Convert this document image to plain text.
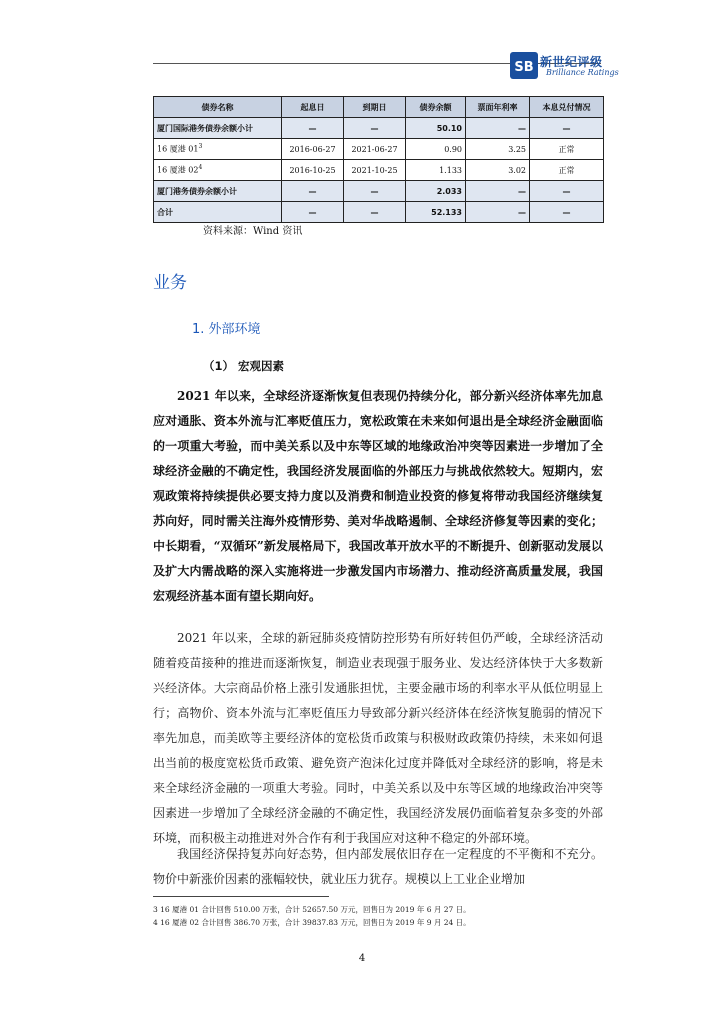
SB 新世纪评级
Brilliance Ratings
债券名称	起息日	到期日	债券余额	票面年利率	本息兑付情况
厦门国际港务债券余额小计	—	—	50.10	—	—
16 厦港 $01^3$	2016-06-27	2021-06-27	0.90	3.25	正常
16 厦港 $02^4$	2016-10-25	2021-10-25	1.133	3.02	正常
厦门港务债券余额小计	—	—	2.033	—	—
合计	—	—	52.133	—	—
资料来源：Wind 资讯
业务
1. 外部环境
（1） 宏观因素

2021 年以来，全球经济逐渐恢复但表现仍持续分化，部分新兴经济体率先加息应对通胀、资本外流与汇率贬值压力，宽松政策在未来如何退出是全球经济金融面临的一项重大考验，而中美关系以及中东等区域的地缘政治冲突等因素进一步增加了全球经济金融的不确定性，我国经济发展面临的外部压力与挑战依然较大。短期内，宏观政策将持续提供必要支持力度以及消费和制造业投资的修复将带动我国经济继续复苏向好，同时需关注海外疫情形势、美对华战略遏制、全球经济修复等因素的变化；中长期看，“双循环”新发展格局下，我国改革开放水平的不断提升、创新驱动发展以及扩大内需战略的深入实施将进一步激发国内市场潜力、推动经济高质量发展，我国宏观经济基本面有望长期向好。

2021 年以来，全球的新冠肺炎疫情防控形势有所好转但仍严峻，全球经济活动随着疫苗接种的推进而逐渐恢复，制造业表现强于服务业、发达经济体快于大多数新兴经济体。大宗商品价格上涨引发通胀担忧，主要金融市场的利率水平从低位明显上行；高物价、资本外流与汇率贬值压力导致部分新兴经济体在经济恢复脆弱的情况下率先加息，而美欧等主要经济体的宽松货币政策与积极财政政策仍持续，未来如何退出当前的极度宽松货币政策、避免资产泡沫化过度并降低对全球经济的影响，将是未来全球经济金融的一项重大考验。同时，中美关系以及中东等区域的地缘政治冲突等因素进一步增加了全球经济金融的不确定性，我国经济发展仍面临着复杂多变的外部环境，而积极主动推进对外合作有利于我国应对这种不稳定的外部环境。

我国经济保持复苏向好态势，但内部发展依旧存在一定程度的不平衡和不充分。物价中新涨价因素的涨幅较快，就业压力犹存。规模以上工业企业增加

3 16 厦港 01 合计回售 510.00 万张，合计 52657.50 万元，回售日为 2019 年 6 月 27 日。
4 16 厦港 02 合计回售 386.70 万张，合计 39837.83 万元，回售日为 2019 年 9 月 24 日。
4
